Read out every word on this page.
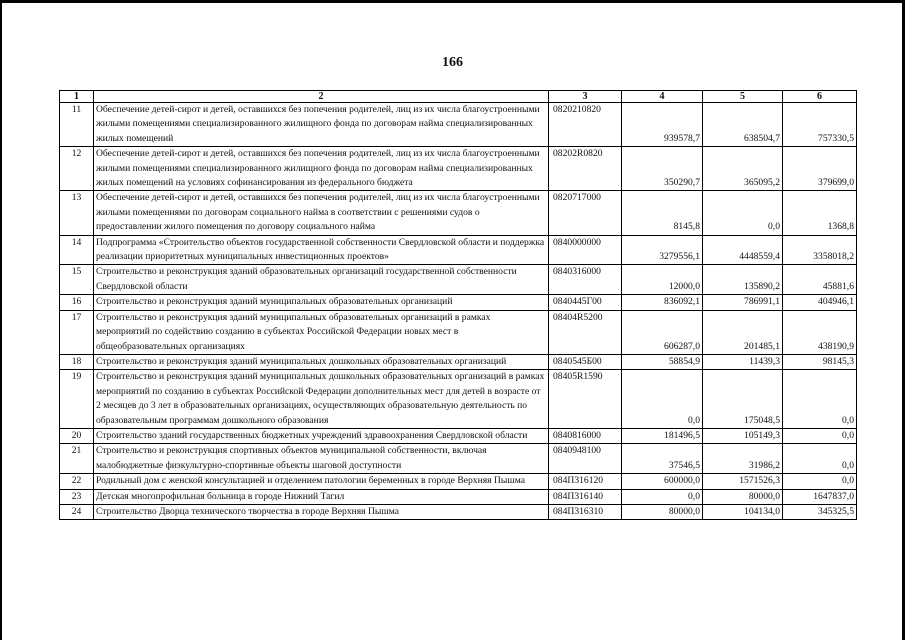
166
1	2	3	4	5	6
11	Обеспечение детей-сирот и детей, оставшихся без попечения родителей, лиц из их числа благоустроенными жилыми помещениями специализированного жилищного фонда по договорам найма специализированных жилых помещений	0820210820	939578,7	638504,7	757330,5
12	Обеспечение детей-сирот и детей, оставшихся без попечения родителей, лиц из их числа благоустроенными жилыми помещениями специализированного жилищного фонда по договорам найма специализированных жилых помещений на условиях софинансирования из федерального бюджета	08202R0820	350290,7	365095,2	379699,0
13	Обеспечение детей-сирот и детей, оставшихся без попечения родителей, лиц из их числа благоустроенными жилыми помещениями по договорам социального найма в соответствии с решениями судов о предоставлении жилого помещения по договору социального найма	0820717000	8145,8	0,0	1368,8
14	Подпрограмма «Строительство объектов государственной собственности Свердловской области и поддержка реализации приоритетных муниципальных инвестиционных проектов»	0840000000	3279556,1	4448559,4	3358018,2
15	Строительство и реконструкция зданий образовательных организаций государственной собственности Свердловской области	0840316000	12000,0	135890,2	45881,6
16	Строительство и реконструкция зданий муниципальных образовательных организаций	0840445Г00	836092,1	786991,1	404946,1
17	Строительство и реконструкция зданий муниципальных образовательных организаций в рамках мероприятий по содействию созданию в субъектах Российской Федерации новых мест в общеобразовательных организациях	08404R5200	606287,0	201485,1	438190,9
18	Строительство и реконструкция зданий муниципальных дошкольных образовательных организаций	0840545Б00	58854,9	11439,3	98145,3
19	Строительство и реконструкция зданий муниципальных дошкольных образовательных организаций в рамках мероприятий по созданию в субъектах Российской Федерации дополнительных мест для детей в возрасте от 2 месяцев до 3 лет в образовательных организациях, осуществляющих образовательную деятельность по образовательным программам дошкольного образования	08405R1590	0,0	175048,5	0,0
20	Строительство зданий государственных бюджетных учреждений здравоохранения Свердловской области	0840816000	181496,5	105149,3	0,0
21	Строительство и реконструкция спортивных объектов муниципальной собственности, включая малобюджетные физкультурно-спортивные объекты шаговой доступности	0840948100	37546,5	31986,2	0,0
22	Родильный дом с женской консультацией и отделением патологии беременных в городе Верхняя Пышма	084П316120	600000,0	1571526,3	0,0
23	Детская многопрофильная больница в городе Нижний Тагил	084П316140	0,0	80000,0	1647837,0
24	Строительство Дворца технического творчества в городе Верхняя Пышма	084П316310	80000,0	104134,0	345325,5
